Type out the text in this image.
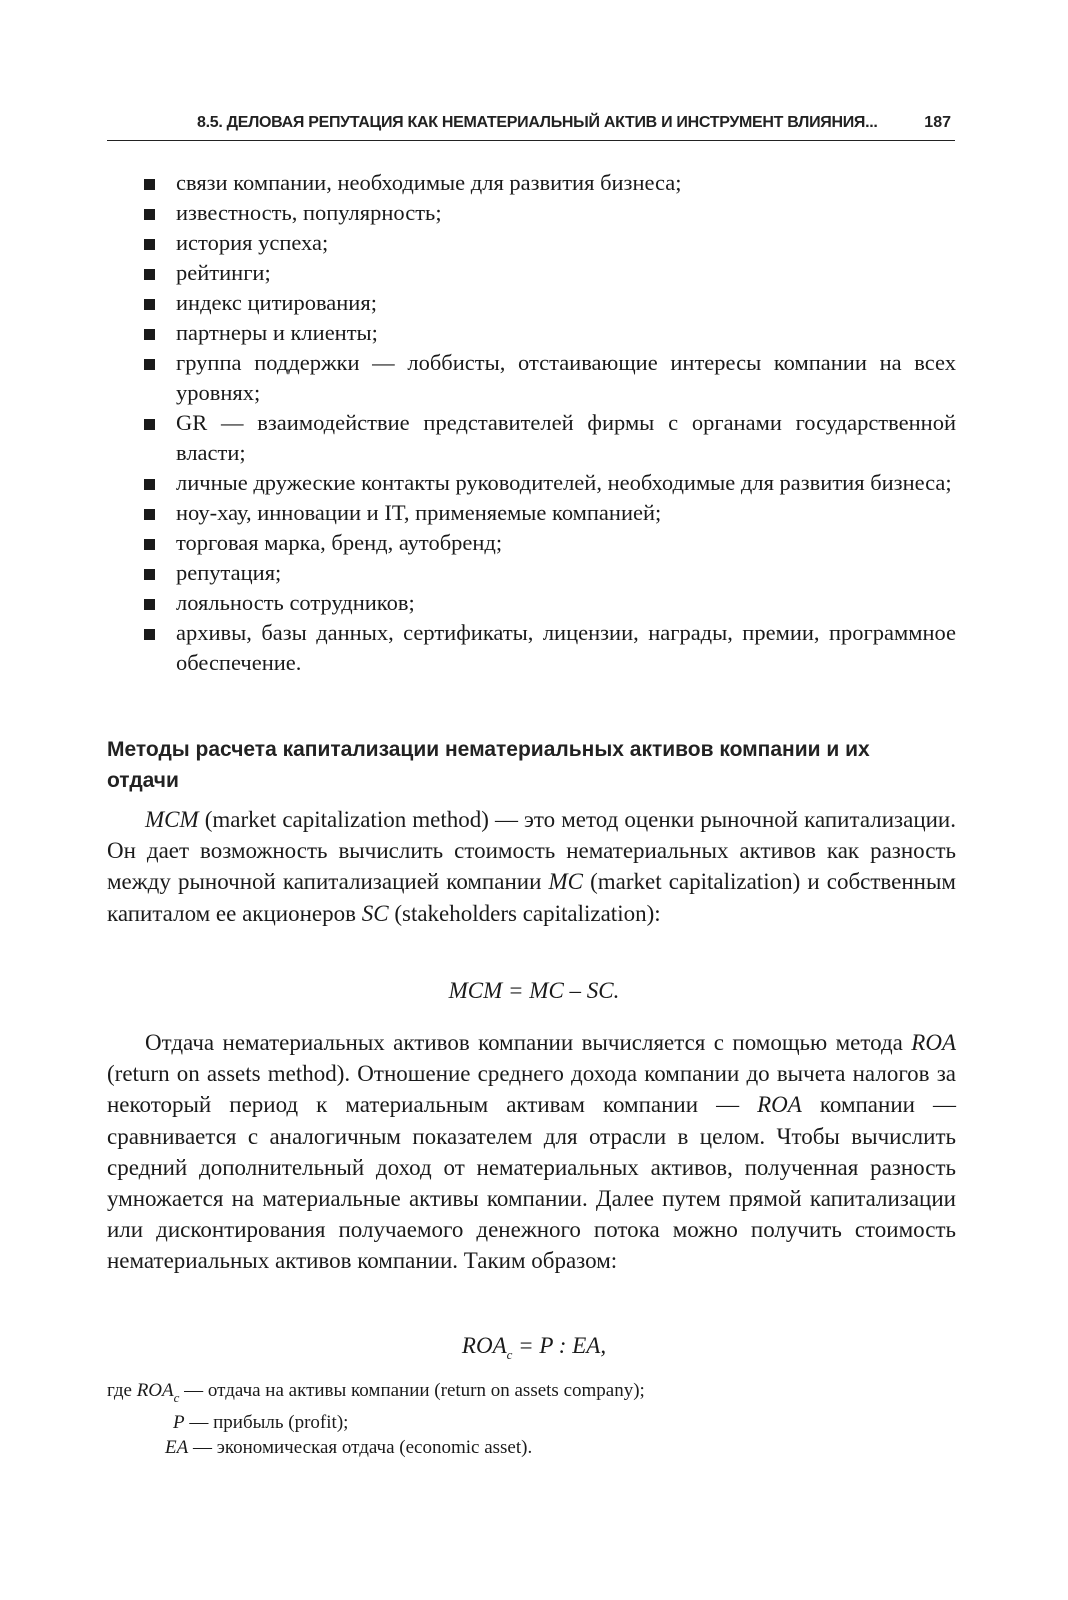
8.5. ДЕЛОВАЯ РЕПУТАЦИЯ КАК НЕМАТЕРИАЛЬНЫЙ АКТИВ И ИНСТРУМЕНТ ВЛИЯНИЯ...	187
связи компании, необходимые для развития бизнеса;
известность, популярность;
история успеха;
рейтинги;
индекс цитирования;
партнеры и клиенты;
группа поддержки — лоббисты, отстаивающие интересы компании на всех уровнях;
GR — взаимодействие представителей фирмы с органами государственной власти;
личные дружеские контакты руководителей, необходимые для развития бизнеса;
ноу-хау, инновации и IT, применяемые компанией;
торговая марка, бренд, аутобренд;
репутация;
лояльность сотрудников;
архивы, базы данных, сертификаты, лицензии, награды, премии, программное обеспечение.
Методы расчета капитализации нематериальных активов компании и их отдачи

MCM (market capitalization method) — это метод оценки рыночной капитализации. Он дает возможность вычислить стоимость нематериальных активов как разность между рыночной капитализацией компании MC (market capitalization) и собственным капиталом ее акционеров SC (stakeholders capitalization):

MCM = MC – SC.

Отдача нематериальных активов компании вычисляется с помощью метода ROA (return on assets method). Отношение среднего дохода компании до вычета налогов за некоторый период к материальным активам компании — ROA компании — сравнивается с аналогичным показателем для отрасли в целом. Чтобы вычислить средний дополнительный доход от нематериальных активов, полученная разность умножается на материальные активы компании. Далее путем прямой капитализации или дисконтирования получаемого денежного потока можно получить стоимость нематериальных активов компании. Таким образом:

$ROA_c = P$ : EA,
где $ROA_c$ — отдача на активы компании (return on assets company);
P — прибыль (profit);
EA — экономическая отдача (economic asset).
